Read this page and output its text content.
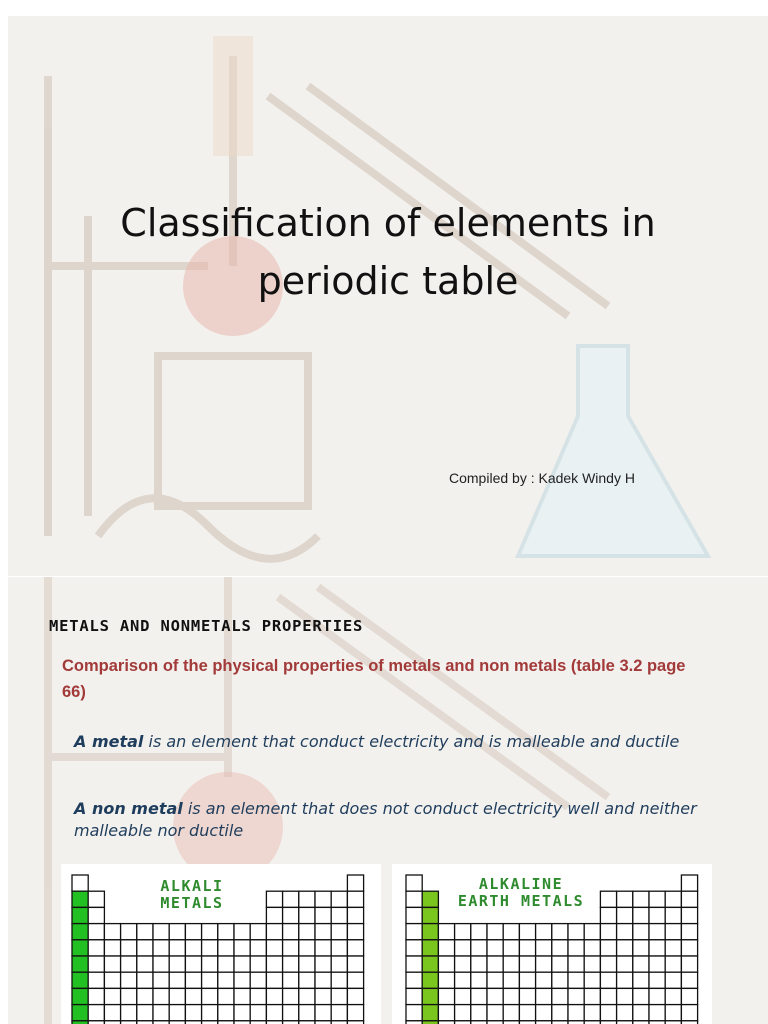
Classification of elements in periodic table
Compiled by : Kadek Windy H
METALS AND NONMETALS PROPERTIES
Comparison of the physical properties of metals and non metals (table 3.2 page 66)
A metal is an element that conduct electricity and is malleable and ductile
A non metal is an element that does not conduct electricity well and neither malleable nor ductile
ALKALI METALS
ALKALINE EARTH METALS
